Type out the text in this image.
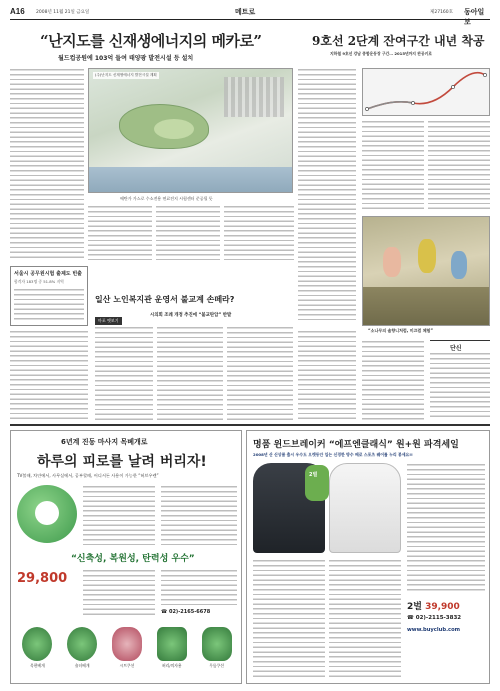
A16	2008년 11월 21일 금요일	메트로	제27160호 동아일보
“난지도를 신재생에너지의 메카로”
월드컵공원에 103억 들여 태양광 발전시설 등 설치
(주)난지도 신재생에너지 발전시설 계획
에탄가 가스로 수소전용 연료전지 시험센터 준공될 듯
9호선 2단계 잔여구간 내년 착공
지하철 9호선 강남 종합운동장 구간… 2015년까지 완공키로
“소나무의 솔향니처럼, 미끄럼 체험”
서울시 공무원시험 출제도 빈출
합격자 183명 중 51.8% 지역
일산 노인복지관 운영서 불교계 손떼라?
시의회 조례 개정 추진에 “불교탄압” 반발
마포 옛보기
단신
6년계 진동 마사지 목베개로
하루의 피로를 날려 버리자!
TV볼때, 차안에서, 사무실에서, 공부할때, 어디서든 사용이 가능한 “허브우렌”
“신축성, 복원성, 탄력성 우수”
29,800
☎ 02)-2165-6678
목편베개	숄더베개	시트쿠션	허리/의자용	무릎쿠션
명품 윈드브레이커 “에프엔클래식” 원+원 파격세일
2008년 산 신상품 출시 우수도 오랫동안 입는 신경한 방수 배로 스포츠 웨어를 누리 봉세요!!
2벌
2벌 39,900
☎ 02)-2115-3832
www.buyclub.com
